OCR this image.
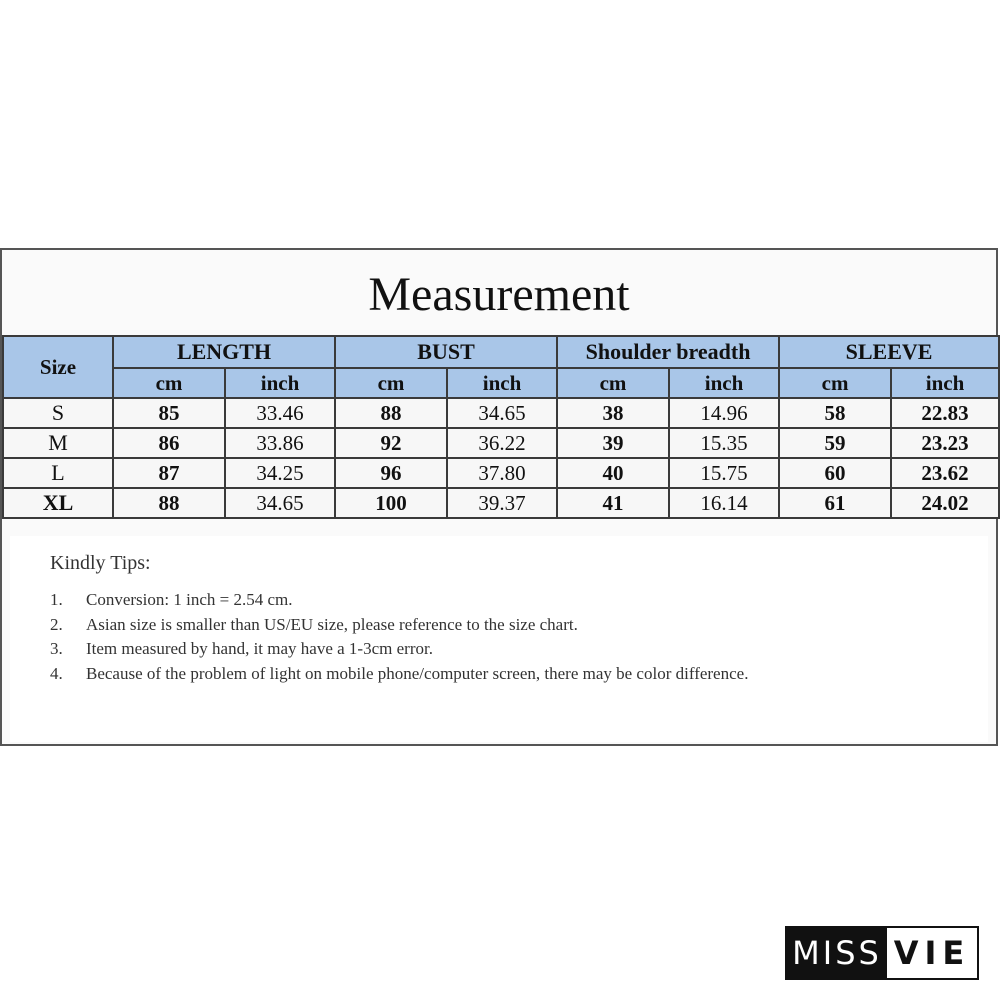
Measurement
Size	LENGTH		BUST		Shoulder breadth		SLEEVE	
	cm	inch	cm	inch	cm	inch	cm	inch
S	85	33.46	88	34.65	38	14.96	58	22.83
M	86	33.86	92	36.22	39	15.35	59	23.23
L	87	34.25	96	37.80	40	15.75	60	23.62
XL	88	34.65	100	39.37	41	16.14	61	24.02
Kindly Tips:
1. Conversion: 1 inch = 2.54 cm.
2. Asian size is smaller than US/EU size, please reference to the size chart.
3. Item measured by hand, it may have a 1-3cm error.
4. Because of the problem of light on mobile phone/computer screen, there may be color difference.
MISS VIE
